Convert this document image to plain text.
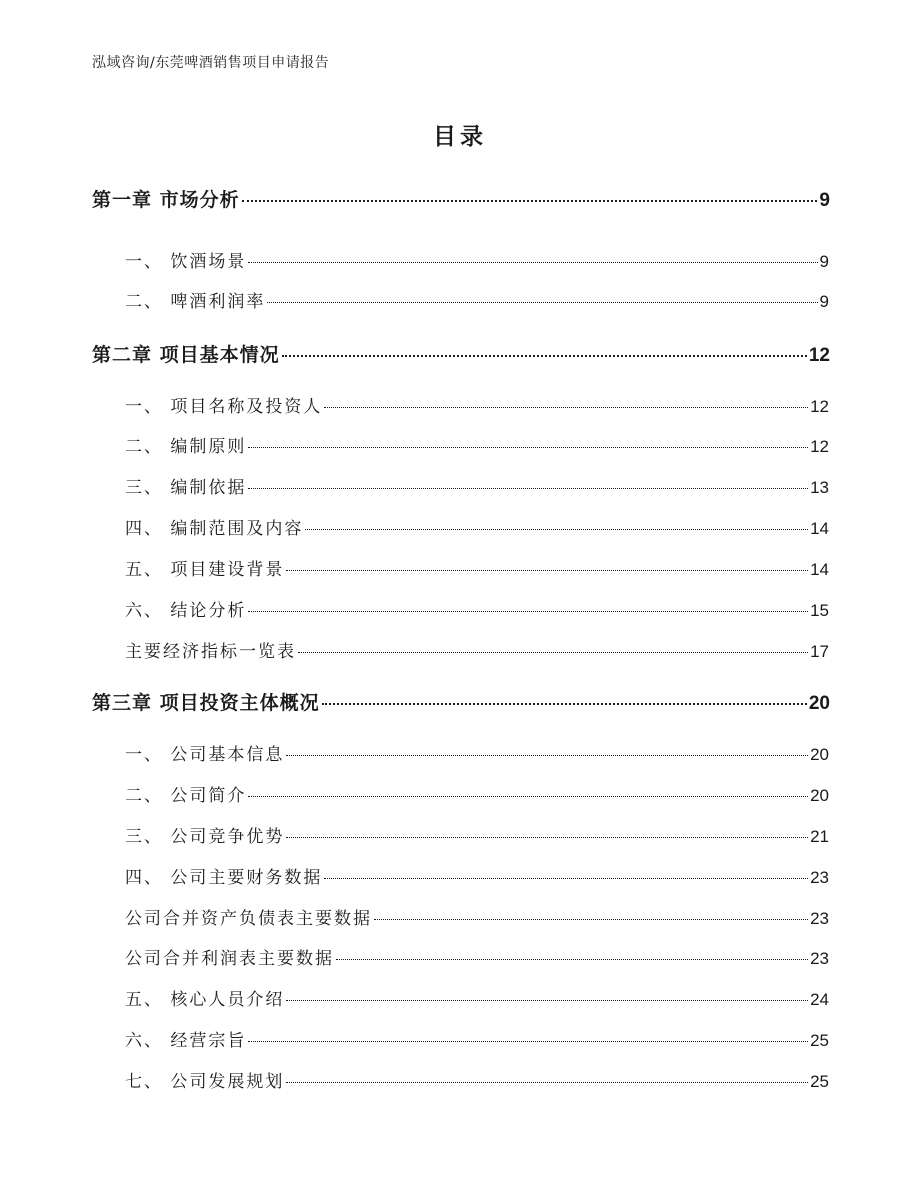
泓域咨询/东莞啤酒销售项目申请报告
目录
第一章 市场分析	9
一、 饮酒场景	9
二、 啤酒利润率	9
第二章 项目基本情况	12
一、 项目名称及投资人	12
二、 编制原则	12
三、 编制依据	13
四、 编制范围及内容	14
五、 项目建设背景	14
六、 结论分析	15
主要经济指标一览表	17
第三章 项目投资主体概况	20
一、 公司基本信息	20
二、 公司简介	20
三、 公司竞争优势	21
四、 公司主要财务数据	23
公司合并资产负债表主要数据	23
公司合并利润表主要数据	23
五、 核心人员介绍	24
六、 经营宗旨	25
七、 公司发展规划	25
